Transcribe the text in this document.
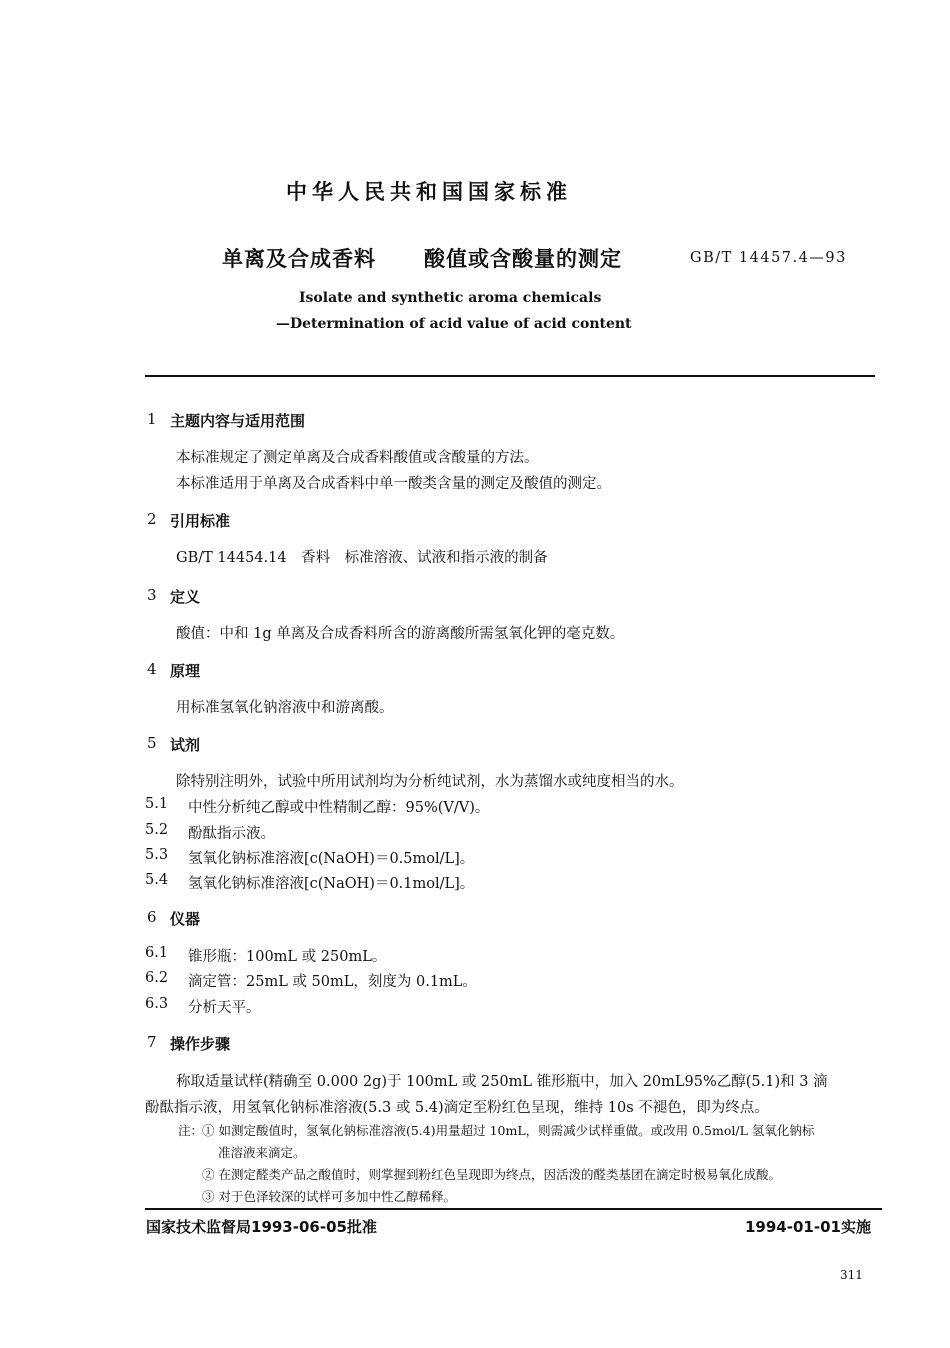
中华人民共和国国家标准
单离及合成香料 酸值或含酸量的测定	GB/T 14457.4—93
Isolate and synthetic aroma chemicals
—Determination of acid value of acid content
1 主题内容与适用范围
本标准规定了测定单离及合成香料酸值或含酸量的方法。
本标准适用于单离及合成香料中单一酸类含量的测定及酸值的测定。
2 引用标准
GB/T 14454.14　香料　标准溶液、试液和指示液的制备
3 定义
酸值：中和 1g 单离及合成香料所含的游离酸所需氢氧化钾的毫克数。
4 原理
用标准氢氧化钠溶液中和游离酸。
5 试剂
除特别注明外，试验中所用试剂均为分析纯试剂，水为蒸馏水或纯度相当的水。
5.1 中性分析纯乙醇或中性精制乙醇：95%(V/V)。
5.2 酚酞指示液。
5.3 氢氧化钠标准溶液[c(NaOH)＝0.5mol/L]。
5.4 氢氧化钠标准溶液[c(NaOH)＝0.1mol/L]。
6 仪器
6.1 锥形瓶：100mL 或 250mL。
6.2 滴定管：25mL 或 50mL，刻度为 0.1mL。
6.3 分析天平。
7 操作步骤
称取适量试样(精确至 0.000 2g)于 100mL 或 250mL 锥形瓶中，加入 20mL95%乙醇(5.1)和 3 滴
酚酞指示液，用氢氧化钠标准溶液(5.3 或 5.4)滴定至粉红色呈现，维持 10s 不褪色，即为终点。
注：
① 如测定酸值时，氢氧化钠标准溶液(5.4)用量超过 10mL，则需减少试样重做。或改用 0.5mol/L 氢氧化钠标
准溶液来滴定。
② 在测定醛类产品之酸值时，则掌握到粉红色呈现即为终点，因活泼的醛类基团在滴定时极易氧化成酸。
③ 对于色泽较深的试样可多加中性乙醇稀释。
国家技术监督局1993-06-05批准	1994-01-01实施
311
